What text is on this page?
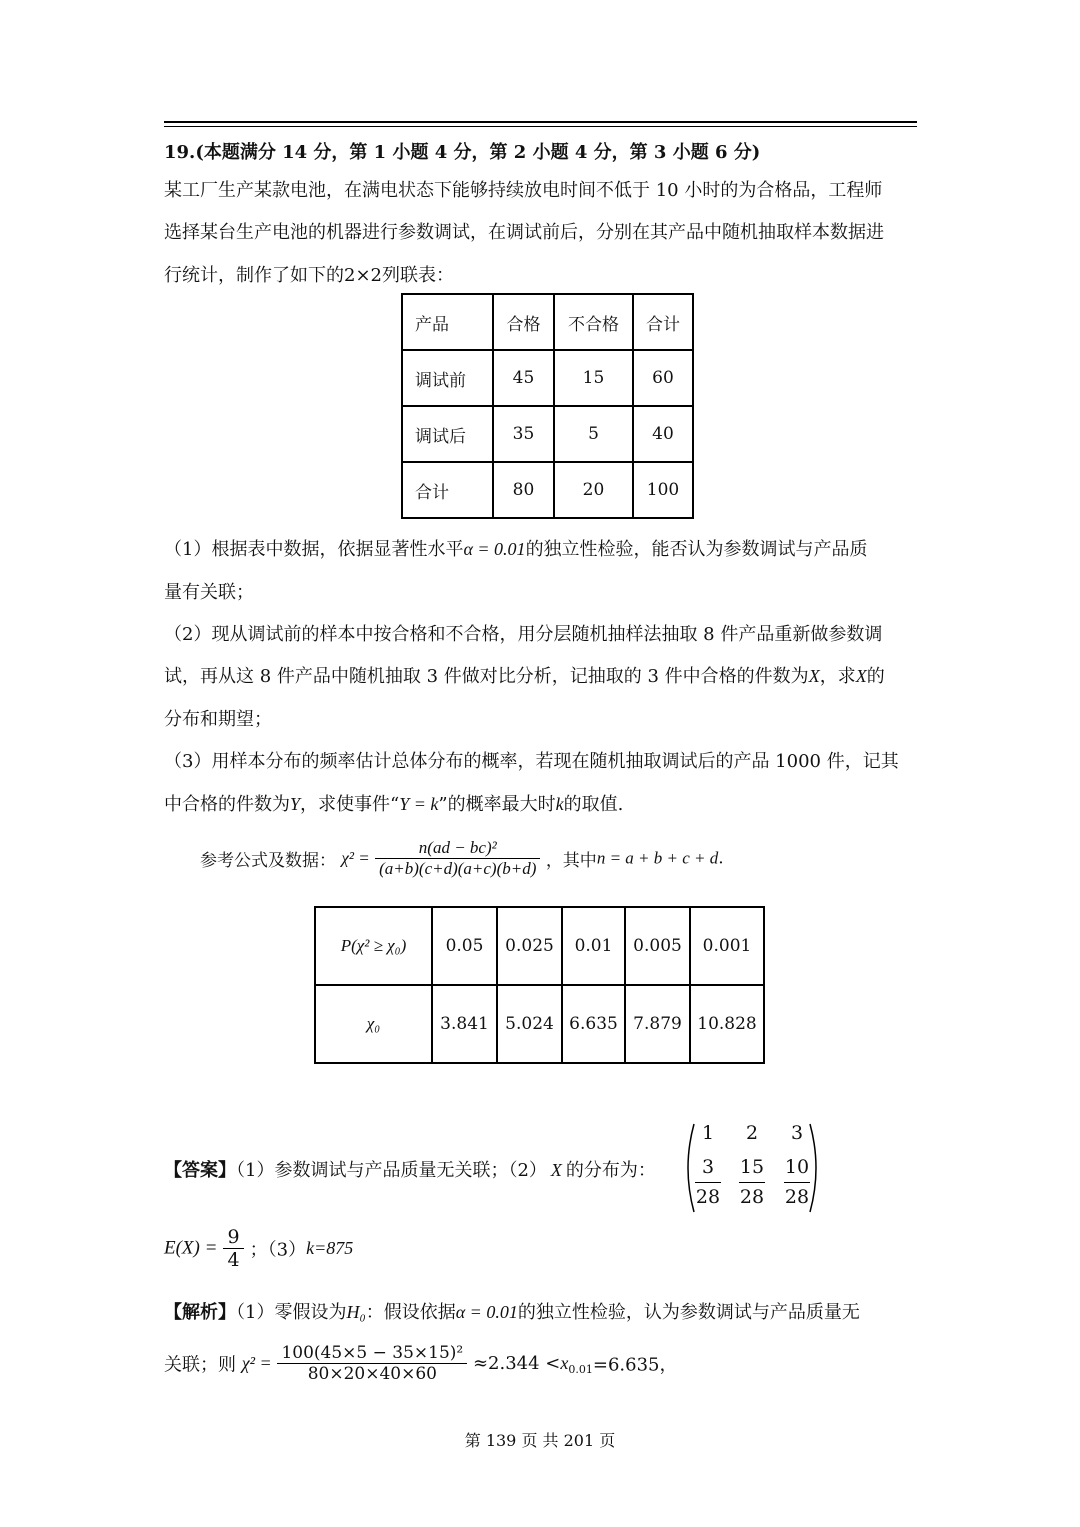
19.(本题满分 14 分，第 1 小题 4 分，第 2 小题 4 分，第 3 小题 6 分)
某工厂生产某款电池，在满电状态下能够持续放电时间不低于 10 小时的为合格品，工程师
选择某台生产电池的机器进行参数调试，在调试前后，分别在其产品中随机抽取样本数据进
行统计，制作了如下的2×2列联表：
产品	合格	不合格	合计
调试前	45	15	60
调试后	35	5	40
合计	80	20	100
（1）根据表中数据，依据显著性水平α = 0.01的独立性检验，能否认为参数调试与产品质
量有关联；
（2）现从调试前的样本中按合格和不合格，用分层随机抽样法抽取 8 件产品重新做参数调
试，再从这 8 件产品中随机抽取 3 件做对比分析，记抽取的 3 件中合格的件数为X，求X的
分布和期望；
（3）用样本分布的频率估计总体分布的概率，若现在随机抽取调试后的产品 1000 件，记其
中合格的件数为Y，求使事件“Y = k”的概率最大时k的取值.
参考公式及数据： $\chi^2 = \frac{\text{n(ad − bc)²}}{(a+b)(c+d)(a+c)(b+d)}$ ，其中n = a + b + c + d.
P(χ² ≥ χ₀)	0.05	0.025	0.01	0.005	0.001
χ₀	3.841	5.024	6.635	7.879	10.828
【答案】（1）参数调试与产品质量无关联；（2） X 的分布为：
1	2	3
3	15	10
28	28	28
$E(X) = \frac{9}{4}$ ；（3）k=875
【解析】（1）零假设为H₀：假设依据α = 0.01的独立性检验，认为参数调试与产品质量无
关联；则 $\chi^2 = \frac{\text{100(45×5 − 35×15)²}}{80\times 20\times 40\times 60} \approx 2.344 <x_{0.01}=6.635$，
第 139 页 共 201 页
